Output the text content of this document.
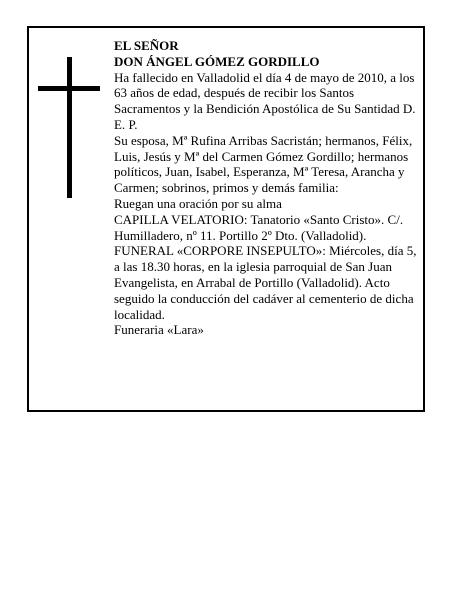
EL SEÑOR

DON ÁNGEL GÓMEZ GORDILLO

Ha fallecido en Valladolid el día 4 de mayo de 2010, a los 63 años de edad, después de recibir los Santos Sacramentos y la Bendición Apostólica de Su Santidad D. E. P.

Su esposa, Mª Rufina Arribas Sacristán; hermanos, Félix, Luis, Jesús y Mª del Carmen Gómez Gordillo; hermanos políticos, Juan, Isabel, Esperanza, Mª Teresa, Arancha y Carmen; sobrinos, primos y demás familia:

Ruegan una oración por su alma

CAPILLA VELATORIO: Tanatorio «Santo Cristo». C/. Humilladero, nº 11. Portillo 2º Dto. (Valladolid).

FUNERAL «CORPORE INSEPULTO»: Miércoles, día 5, a las 18.30 horas, en la iglesia parroquial de San Juan Evangelista, en Arrabal de Portillo (Valladolid). Acto seguido la conducción del cadáver al cementerio de dicha localidad.

Funeraria «Lara»
